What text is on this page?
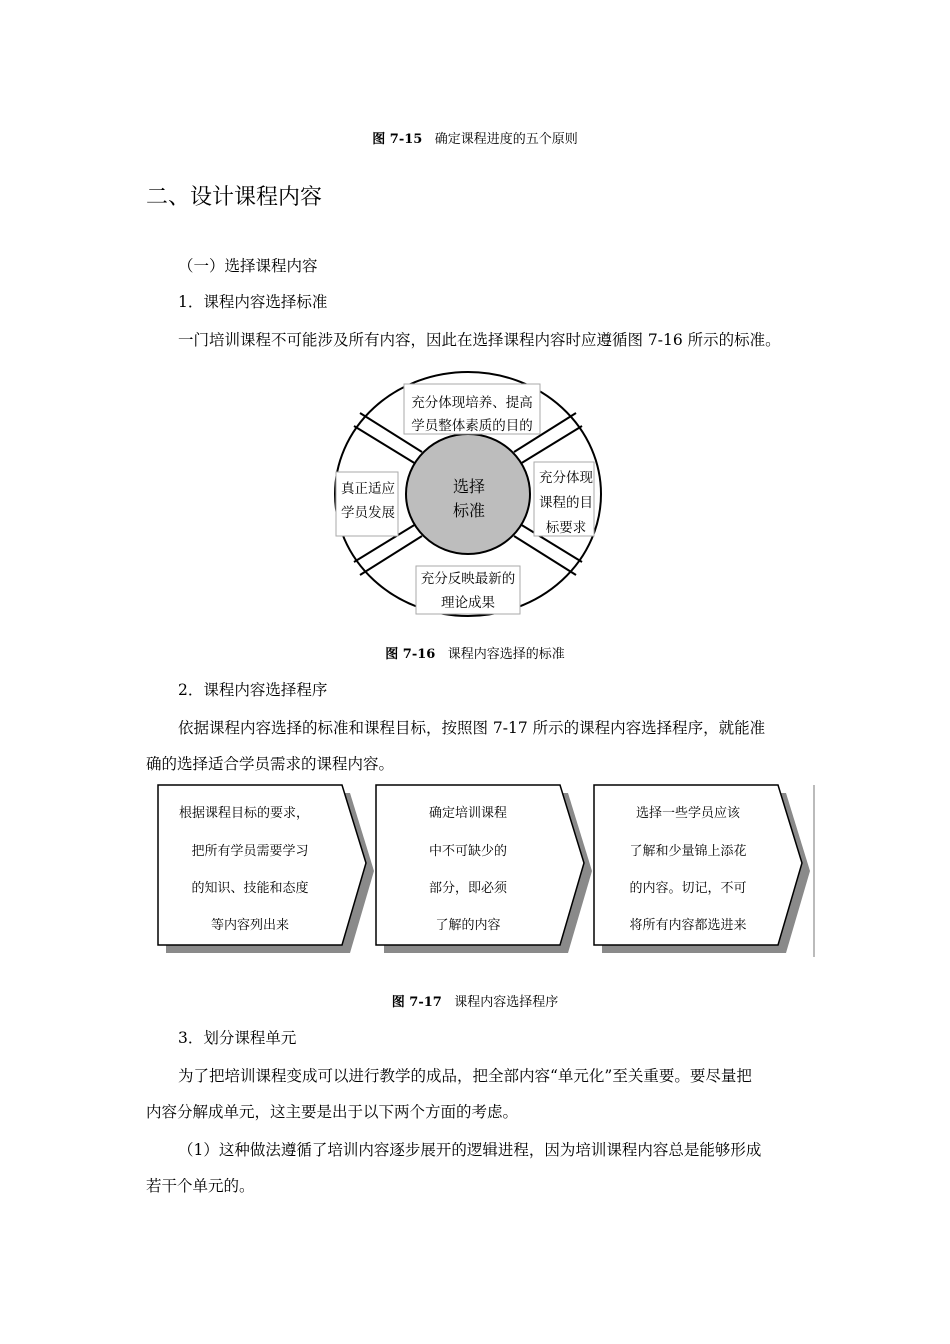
图 7-15 确定课程进度的五个原则
二、设计课程内容
（一）选择课程内容
1．课程内容选择标准
一门培训课程不可能涉及所有内容，因此在选择课程内容时应遵循图 7-16 所示的标准。
充分体现培养、提高
学员整体素质的目的
充分体现
课程的目
标要求
充分反映最新的
理论成果
真正适应
学员发展
选择
标准
图 7-16 课程内容选择的标准
2．课程内容选择程序
依据课程内容选择的标准和课程目标，按照图 7-17 所示的课程内容选择程序，就能准
确的选择适合学员需求的课程内容。
根据课程目标的要求，
把所有学员需要学习
的知识、技能和态度
等内容列出来
确定培训课程
中不可缺少的
部分，即必须
了解的内容
选择一些学员应该
了解和少量锦上添花
的内容。切记，不可
将所有内容都选进来
图 7-17 课程内容选择程序
3．划分课程单元
为了把培训课程变成可以进行教学的成品，把全部内容“单元化”至关重要。要尽量把
内容分解成单元，这主要是出于以下两个方面的考虑。
（1）这种做法遵循了培训内容逐步展开的逻辑进程，因为培训课程内容总是能够形成
若干个单元的。
